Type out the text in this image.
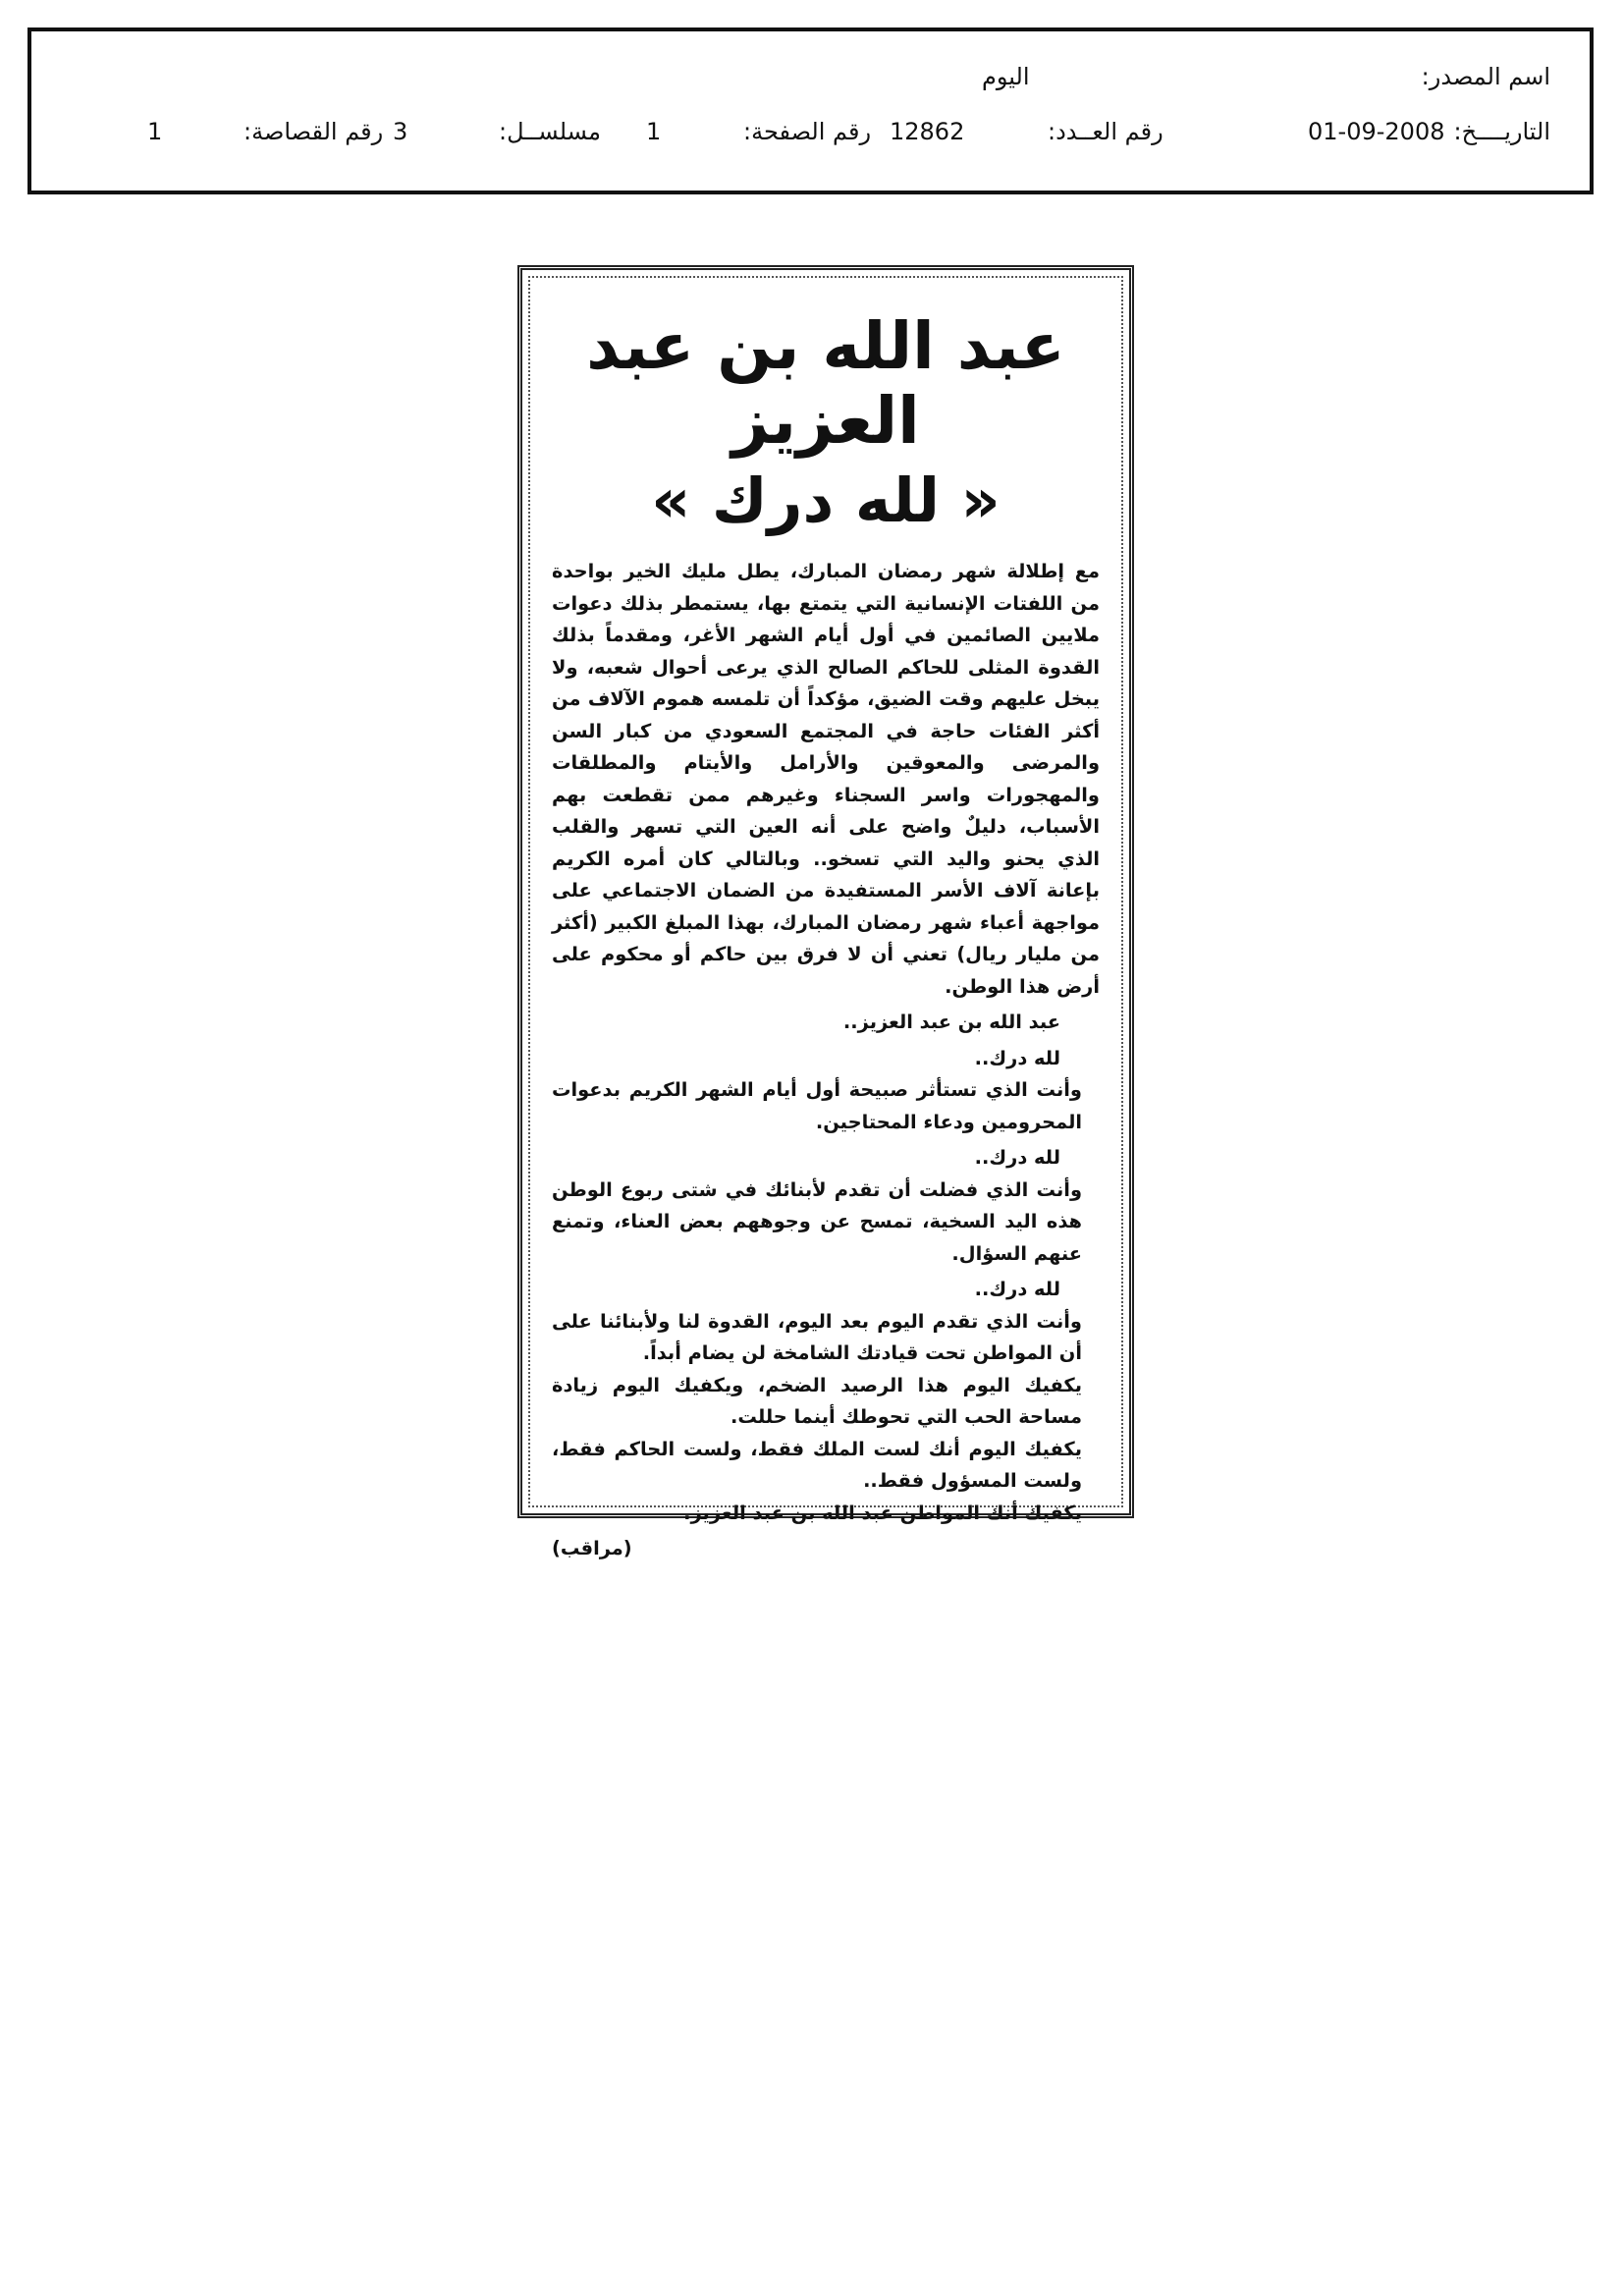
اسم المصدر:
اليوم
التاريــــخ:
01-09-2008
رقم العــدد:
12862
رقم الصفحة:
1
مسلســل:
3
رقم القصاصة:
1
عبد الله بن عبد العزيز
« لله درك »

مع إطلالة شهر رمضان المبارك، يطل مليك الخير بواحدة من اللفتات الإنسانية التي يتمتع بها، يستمطر بذلك دعوات ملايين الصائمين في أول أيام الشهر الأغر، ومقدماً بذلك القدوة المثلى للحاكم الصالح الذي يرعى أحوال شعبه، ولا يبخل عليهم وقت الضيق، مؤكداً أن تلمسه هموم الآلاف من أكثر الفئات حاجة في المجتمع السعودي من كبار السن والمرضى والمعوقين والأرامل والأيتام والمطلقات والمهجورات واسر السجناء وغيرهم ممن تقطعت بهم الأسباب، دليلٌ واضح على أنه العين التي تسهر والقلب الذي يحنو واليد التي تسخو.. وبالتالي كان أمره الكريم بإعانة آلاف الأسر المستفيدة من الضمان الاجتماعي على مواجهة أعباء شهر رمضان المبارك، بهذا المبلغ الكبير (أكثر من مليار ريال) تعني أن لا فرق بين حاكم أو محكوم على أرض هذا الوطن.

عبد الله بن عبد العزيز..

لله درك..

وأنت الذي تستأثر صبيحة أول أيام الشهر الكريم بدعوات المحرومين ودعاء المحتاجين.

لله درك..

وأنت الذي فضلت أن تقدم لأبنائك في شتى ربوع الوطن هذه اليد السخية، تمسح عن وجوههم بعض العناء، وتمنع عنهم السؤال.

لله درك..

وأنت الذي تقدم اليوم بعد اليوم، القدوة لنا ولأبنائنا على أن المواطن تحت قيادتك الشامخة لن يضام أبداً.

يكفيك اليوم هذا الرصيد الضخم، ويكفيك اليوم زيادة مساحة الحب التي تحوطك أينما حللت.

يكفيك اليوم أنك لست الملك فقط، ولست الحاكم فقط، ولست المسؤول فقط..

يكفيك أنك المواطن عبد الله بن عبد العزيز.

(مراقب)
